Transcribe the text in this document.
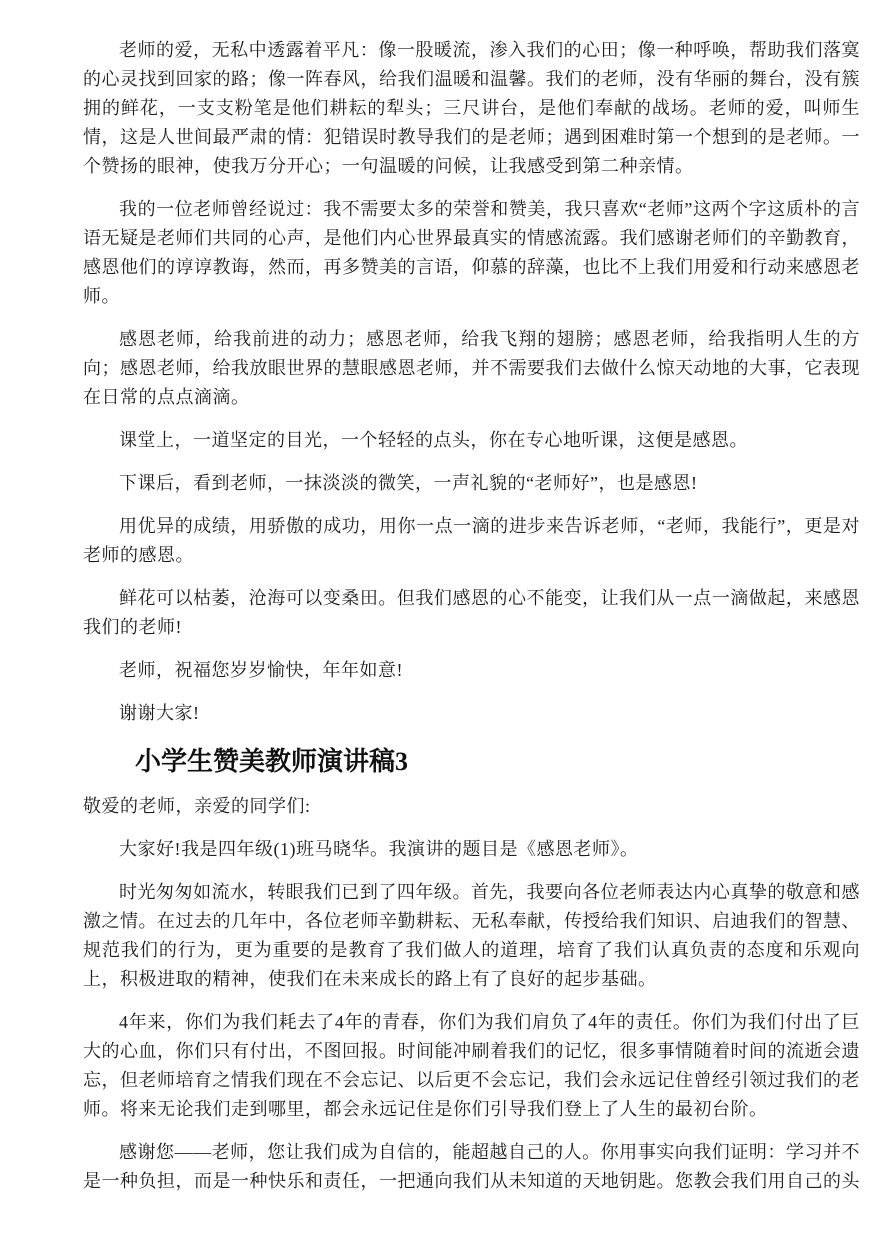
老师的爱，无私中透露着平凡：像一股暖流，渗入我们的心田；像一种呼唤，帮助我们落寞的心灵找到回家的路；像一阵春风，给我们温暖和温馨。我们的老师，没有华丽的舞台，没有簇拥的鲜花，一支支粉笔是他们耕耘的犁头；三尺讲台，是他们奉献的战场。老师的爱，叫师生情，这是人世间最严肃的情：犯错误时教导我们的是老师；遇到困难时第一个想到的是老师。一个赞扬的眼神，使我万分开心；一句温暖的问候，让我感受到第二种亲情。

我的一位老师曾经说过：我不需要太多的荣誉和赞美，我只喜欢“老师”这两个字这质朴的言语无疑是老师们共同的心声，是他们内心世界最真实的情感流露。我们感谢老师们的辛勤教育，感恩他们的谆谆教诲，然而，再多赞美的言语，仰慕的辞藻，也比不上我们用爱和行动来感恩老师。

感恩老师，给我前进的动力；感恩老师，给我飞翔的翅膀；感恩老师，给我指明人生的方向；感恩老师，给我放眼世界的慧眼感恩老师，并不需要我们去做什么惊天动地的大事，它表现在日常的点点滴滴。

课堂上，一道坚定的目光，一个轻轻的点头，你在专心地听课，这便是感恩。

下课后，看到老师，一抹淡淡的微笑，一声礼貌的“老师好”，也是感恩!

用优异的成绩，用骄傲的成功，用你一点一滴的进步来告诉老师，“老师，我能行”，更是对老师的感恩。

鲜花可以枯萎，沧海可以变桑田。但我们感恩的心不能变，让我们从一点一滴做起，来感恩我们的老师!

老师，祝福您岁岁愉快，年年如意!

谢谢大家!

小学生赞美教师演讲稿3

敬爱的老师，亲爱的同学们:

大家好!我是四年级(1)班马晓华。我演讲的题目是《感恩老师》。

时光匆匆如流水，转眼我们已到了四年级。首先，我要向各位老师表达内心真挚的敬意和感激之情。在过去的几年中，各位老师辛勤耕耘、无私奉献，传授给我们知识、启迪我们的智慧、规范我们的行为，更为重要的是教育了我们做人的道理，培育了我们认真负责的态度和乐观向上，积极进取的精神，使我们在未来成长的路上有了良好的起步基础。

4年来，你们为我们耗去了4年的青春，你们为我们肩负了4年的责任。你们为我们付出了巨大的心血，你们只有付出，不图回报。时间能冲刷着我们的记忆，很多事情随着时间的流逝会遗忘，但老师培育之情我们现在不会忘记、以后更不会忘记，我们会永远记住曾经引领过我们的老师。将来无论我们走到哪里，都会永远记住是你们引导我们登上了人生的最初台阶。

感谢您——老师，您让我们成为自信的，能超越自己的人。你用事实向我们证明：学习并不是一种负担，而是一种快乐和责任，一把通向我们从未知道的天地钥匙。您教会我们用自己的头
